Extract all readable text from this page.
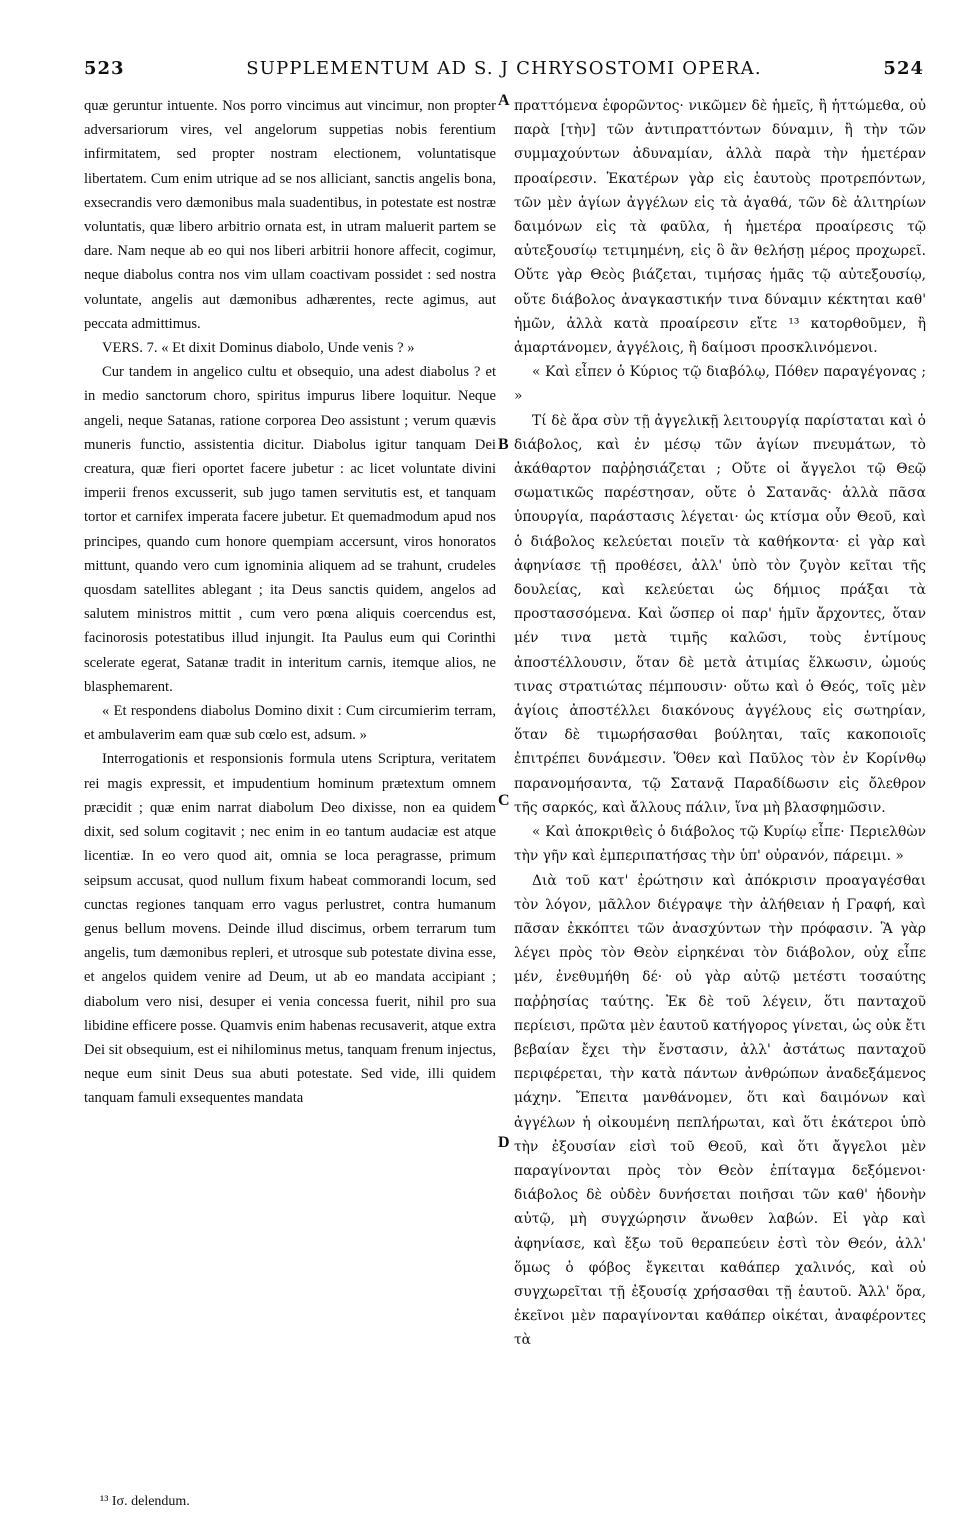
523	SUPPLEMENTUM AD S. J CHRYSOSTOMI OPERA.	524

quæ geruntur intuente. Nos porro vincimus aut vincimur, non propter adversariorum vires, vel angelorum suppetias nobis ferentium infirmitatem, sed propter nostram electionem, voluntatisque libertatem. Cum enim utrique ad se nos alliciant, sanctis angelis bona, exsecrandis vero dæmonibus mala suadentibus, in potestate est nostræ voluntatis, quæ libero arbitrio ornata est, in utram maluerit partem se dare. Nam neque ab eo qui nos liberi arbitrii honore affecit, cogimur, neque diabolus contra nos vim ullam coactivam possidet : sed nostra voluntate, angelis aut dæmonibus adhærentes, recte agimus, aut peccata admittimus.

VERS. 7. « Et dixit Dominus diabolo, Unde venis ? »

Cur tandem in angelico cultu et obsequio, una adest diabolus ? et in medio sanctorum choro, spiritus impurus libere loquitur. Neque angeli, neque Satanas, ratione corporea Deo assistunt ; verum quævis muneris functio, assistentia dicitur. Diabolus igitur tanquam Dei creatura, quæ fieri oportet facere jubetur : ac licet voluntate divini imperii frenos excusserit, sub jugo tamen servitutis est, et tanquam tortor et carnifex imperata facere jubetur. Et quemadmodum apud nos principes, quando cum honore quempiam accersunt, viros honoratos mittunt, quando vero cum ignominia aliquem ad se trahunt, crudeles quosdam satellites ablegant ; ita Deus sanctis quidem, angelos ad salutem ministros mittit , cum vero pœna aliquis coercendus est, facinorosis potestatibus illud injungit. Ita Paulus eum qui Corinthi scelerate egerat, Satanæ tradit in interitum carnis, itemque alios, ne blasphemarent.

« Et respondens diabolus Domino dixit : Cum circumierim terram, et ambulaverim eam quæ sub cœlo est, adsum. »

Interrogationis et responsionis formula utens Scriptura, veritatem rei magis expressit, et impudentium hominum prætextum omnem præcidit ; quæ enim narrat diabolum Deo dixisse, non ea quidem dixit, sed solum cogitavit ; nec enim in eo tantum audaciæ est atque licentiæ. In eo vero quod ait, omnia se loca peragrasse, primum seipsum accusat, quod nullum fixum habeat commorandi locum, sed cunctas regiones tanquam erro vagus perlustret, contra humanum genus bellum movens. Deinde illud discimus, orbem terrarum tum angelis, tum dæmonibus repleri, et utrosque sub potestate divina esse, et angelos quidem venire ad Deum, ut ab eo mandata accipiant ; diabolum vero nisi, desuper ei venia concessa fuerit, nihil pro sua libidine efficere posse. Quamvis enim habenas recusaverit, atque extra Dei sit obsequium, est ei nihilominus metus, tanquam frenum injectus, neque eum sinit Deus sua abuti potestate. Sed vide, illi quidem tanquam famuli exsequentes mandata

A
B
C
D

πραττόμενα ἐφορῶντος· νικῶμεν δὲ ἡμεῖς, ἢ ἡττώμεθα, οὐ παρὰ [τὴν] τῶν ἀντιπραττόντων δύναμιν, ἢ τὴν τῶν συμμαχούντων ἀδυναμίαν, ἀλλὰ παρὰ τὴν ἡμετέραν προαίρεσιν. Ἑκατέρων γὰρ εἰς ἑαυτοὺς προτρεπόντων, τῶν μὲν ἁγίων ἀγγέλων εἰς τὰ ἀγαθά, τῶν δὲ ἀλιτηρίων δαιμόνων εἰς τὰ φαῦλα, ἡ ἡμετέρα προαίρεσις τῷ αὐτεξουσίῳ τετιμημένη, εἰς ὃ ἂν θελήσῃ μέρος προχωρεῖ. Οὔτε γὰρ Θεὸς βιάζεται, τιμήσας ἡμᾶς τῷ αὐτεξουσίῳ, οὔτε διάβολος ἀναγκαστικήν τινα δύναμιν κέκτηται καθ' ἡμῶν, ἀλλὰ κατὰ προαίρεσιν εἴτε ¹³ κατορθοῦμεν, ἢ ἁμαρτάνομεν, ἀγγέλοις, ἢ δαίμοσι προσκλινόμενοι.

« Καὶ εἶπεν ὁ Κύριος τῷ διαβόλῳ, Πόθεν παραγέγονας ; »

Τί δὲ ἄρα σὺν τῇ ἀγγελικῇ λειτουργίᾳ παρίσταται καὶ ὁ διάβολος, καὶ ἐν μέσῳ τῶν ἁγίων πνευμάτων, τὸ ἀκάθαρτον παῤῥησιάζεται ; Οὔτε οἱ ἄγγελοι τῷ Θεῷ σωματικῶς παρέστησαν, οὔτε ὁ Σατανᾶς· ἀλλὰ πᾶσα ὑπουργία, παράστασις λέγεται· ὡς κτίσμα οὖν Θεοῦ, καὶ ὁ διάβολος κελεύεται ποιεῖν τὰ καθήκοντα· εἰ γὰρ καὶ ἀφηνίασε τῇ προθέσει, ἀλλ' ὑπὸ τὸν ζυγὸν κεῖται τῆς δουλείας, καὶ κελεύεται ὡς δήμιος πράξαι τὰ προστασσόμενα. Καὶ ὥσπερ οἱ παρ' ἡμῖν ἄρχοντες, ὅταν μέν τινα μετὰ τιμῆς καλῶσι, τοὺς ἐντίμους ἀποστέλλουσιν, ὅταν δὲ μετὰ ἀτιμίας ἕλκωσιν, ὠμούς τινας στρατιώτας πέμπουσιν· οὕτω καὶ ὁ Θεός, τοῖς μὲν ἁγίοις ἀποστέλλει διακόνους ἀγγέλους εἰς σωτηρίαν, ὅταν δὲ τιμωρήσασθαι βούληται, ταῖς κακοποιοῖς ἐπιτρέπει δυνάμεσιν. Ὅθεν καὶ Παῦλος τὸν ἐν Κορίνθῳ παρανομήσαντα, τῷ Σατανᾷ Παραδίδωσιν εἰς ὄλεθρον τῆς σαρκός, καὶ ἄλλους πάλιν, ἵνα μὴ βλασφημῶσιν.

« Καὶ ἀποκριθεὶς ὁ διάβολος τῷ Κυρίῳ εἶπε· Περιελθὼν τὴν γῆν καὶ ἐμπεριπατήσας τὴν ὑπ' οὐρανόν, πάρειμι. »

Διὰ τοῦ κατ' ἐρώτησιν καὶ ἀπόκρισιν προαγαγέσθαι τὸν λόγον, μᾶλλον διέγραψε τὴν ἀλήθειαν ἡ Γραφή, καὶ πᾶσαν ἐκκόπτει τῶν ἀνασχύντων τὴν πρόφασιν. Ἃ γὰρ λέγει πρὸς τὸν Θεὸν εἰρηκέναι τὸν διάβολον, οὐχ εἶπε μέν, ἐνεθυμήθη δέ· οὐ γὰρ αὐτῷ μετέστι τοσαύτης παῤῥησίας ταύτης. Ἐκ δὲ τοῦ λέγειν, ὅτι πανταχοῦ περίεισι, πρῶτα μὲν ἑαυτοῦ κατήγορος γίνεται, ὡς οὐκ ἔτι βεβαίαν ἔχει τὴν ἔνστασιν, ἀλλ' ἀστάτως πανταχοῦ περιφέρεται, τὴν κατὰ πάντων ἀνθρώπων ἀναδεξάμενος μάχην. Ἔπειτα μανθάνομεν, ὅτι καὶ δαιμόνων καὶ ἀγγέλων ἡ οἰκουμένη πεπλήρωται, καὶ ὅτι ἑκάτεροι ὑπὸ τὴν ἐξουσίαν εἰσὶ τοῦ Θεοῦ, καὶ ὅτι ἄγγελοι μὲν παραγίνονται πρὸς τὸν Θεὸν ἐπίταγμα δεξόμενοι· διάβολος δὲ οὐδὲν δυνήσεται ποιῆσαι τῶν καθ' ἡδονὴν αὐτῷ, μὴ συγχώρησιν ἄνωθεν λαβών. Εἰ γὰρ καὶ ἀφηνίασε, καὶ ἔξω τοῦ θεραπεύειν ἐστὶ τὸν Θεόν, ἀλλ' ὅμως ὁ φόβος ἔγκειται καθάπερ χαλινός, καὶ οὐ συγχωρεῖται τῇ ἐξουσίᾳ χρήσασθαι τῇ ἑαυτοῦ. Ἀλλ' ὅρα, ἐκεῖνοι μὲν παραγίνονται καθάπερ οἰκέται, ἀναφέροντες τὰ

¹³ Ισ. delendum.
